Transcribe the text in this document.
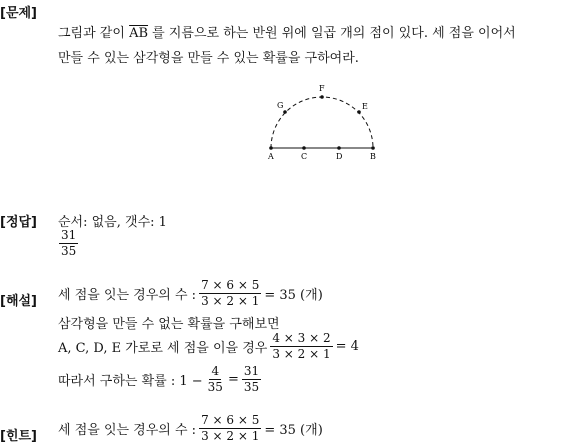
[문제]
그림과 같이 $\overline{AB}$ 를 지름으로 하는 반원 위에 일곱 개의 점이 있다. 세 점을 이어서
만들 수 있는 삼각형을 만들 수 있는 확률을 구하여라.
A	C	D	B
G
F
E
[정답] 순서: 없음, 갯수: 1
$\frac{31}{35}$
[해설] 세 점을 잇는 경우의 수 : $\frac{7 \times 6 \times 5}{3 \times 2 \times 1} = 35$ (개)
삼각형을 만들 수 없는 확률을 구해보면
A, C, D, E 가로로 세 점을 이을 경우 $\frac{4 \times 3 \times 2}{3 \times 2 \times 1} = 4$
따라서 구하는 확률 : $1 - \frac{4}{35} = \frac{31}{35}$
[힌트] 세 점을 잇는 경우의 수 : $\frac{7 \times 6 \times 5}{3 \times 2 \times 1} = 35$ (개)
